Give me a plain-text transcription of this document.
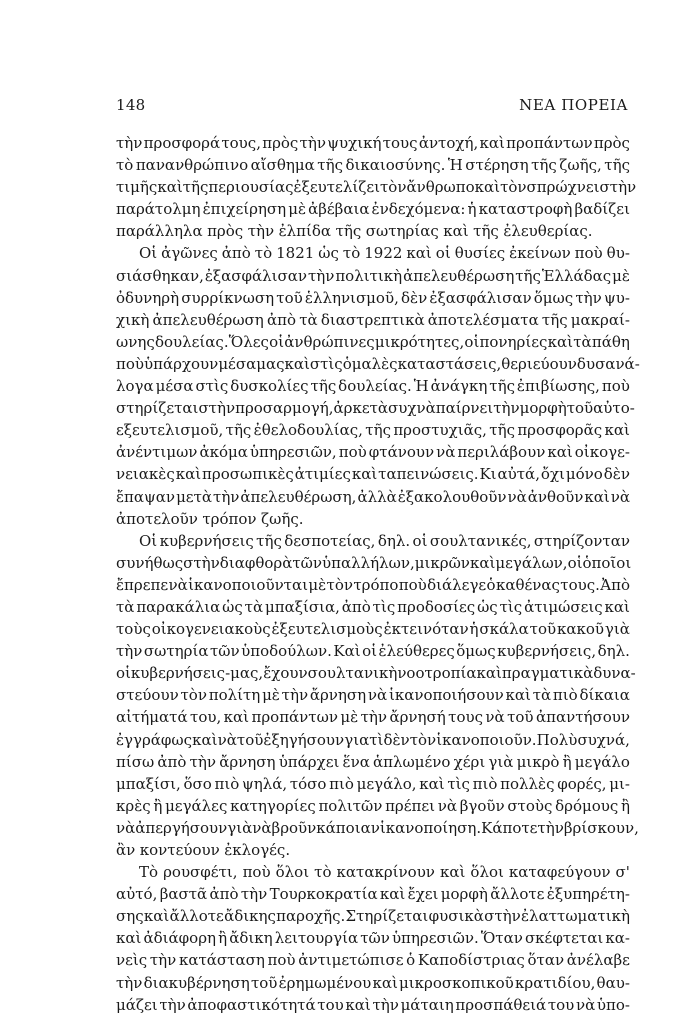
148	ΝΕΑ ΠΟΡΕΙΑ
τὴν προσφορά τους, πρὸς τὴν ψυχική τους ἀντοχή, καὶ προπάντων πρὸς
τὸ πανανθρώπινο αἴσθημα τῆς δικαιοσύνης. Ἡ στέρηση τῆς ζωῆς, τῆς
τιμῆς καὶ τῆς περιουσίας ἐξευτελίζει τὸν ἄνθρωπο καὶ τὸν σπρώχνει στὴν
παράτολμη ἐπιχείρηση μὲ ἀβέβαια ἐνδεχόμενα: ἡ καταστροφὴ βαδίζει
παράλληλα πρὸς τὴν ἐλπίδα τῆς σωτηρίας καὶ τῆς ἐλευθερίας.
Οἱ ἀγῶνες ἀπὸ τὸ 1821 ὡς τὸ 1922 καὶ οἱ θυσίες ἐκείνων ποὺ θυ-
σιάσθηκαν, ἐξασφάλισαν τὴν πολιτικὴ ἀπελευθέρωση τῆς Ἑλλάδας μὲ
ὀδυνηρὴ συρρίκνωση τοῦ ἑλληνισμοῦ, δὲν ἐξασφάλισαν ὅμως τὴν ψυ-
χικὴ ἀπελευθέρωση ἀπὸ τὰ διαστρεπτικὰ ἀποτελέσματα τῆς μακραί-
ωνης δουλείας. Ὅλες οἱ ἀνθρώπινες μικρότητες, οἱ πονηρίες καὶ τὰ πάθη
ποὺ ὑπάρχουν μέσα μας καὶ στὶς ὁμαλὲς καταστάσεις, θεριεύουν δυσανά-
λογα μέσα στὶς δυσκολίες τῆς δουλείας. Ἡ ἀνάγκη τῆς ἐπιβίωσης, ποὺ
στηρίζεται στὴν προσαρμογή, ἀρκετὰ συχνὰ παίρνει τὴν μορφὴ τοῦ αὐτο-
εξευτελισμοῦ, τῆς ἐθελοδουλίας, τῆς προστυχιᾶς, τῆς προσφορᾶς καὶ
ἀνέντιμων ἀκόμα ὑπηρεσιῶν, ποὺ φτάνουν νὰ περιλάβουν καὶ οἰκογε-
νειακὲς καὶ προσωπικὲς ἀτιμίες καὶ ταπεινώσεις. Κι αὐτά, ὄχι μόνο δὲν
ἔπαψαν μετὰ τὴν ἀπελευθέρωση, ἀλλὰ ἐξακολουθοῦν νὰ ἀνθοῦν καὶ νὰ
ἀποτελοῦν τρόπον ζωῆς.
Οἱ κυβερνήσεις τῆς δεσποτείας, δηλ. οἱ σουλτανικές, στηρίζονταν
συνήθως στὴν διαφθορὰ τῶν ὑπαλλήλων, μικρῶν καὶ μεγάλων, οἱ ὁποῖοι
ἔπρεπε νὰ ἱκανοποιοῦνται μὲ τὸν τρόπο ποὺ διάλεγε ὁ καθένας τους. Ἀπὸ
τὰ παρακάλια ὡς τὰ μπαξίσια, ἀπὸ τὶς προδοσίες ὡς τὶς ἀτιμώσεις καὶ
τοὺς οἰκογενειακοὺς ἐξευτελισμοὺς ἐκτεινόταν ἡ σκάλα τοῦ κακοῦ γιὰ
τὴν σωτηρία τῶν ὑποδούλων. Καὶ οἱ ἐλεύθερες ὅμως κυβερνήσεις, δηλ.
οἱ κυβερνήσεις - μας, ἔχουν σουλτανικὴ νοοτροπία καὶ πραγματικὰ δυνα-
στεύουν τὸν πολίτη μὲ τὴν ἄρνηση νὰ ἱκανοποιήσουν καὶ τὰ πιὸ δίκαια
αἰτήματά του, καὶ προπάντων μὲ τὴν ἄρνησή τους νὰ τοῦ ἀπαντήσουν
ἐγγράφως καὶ νὰ τοῦ ἐξηγήσουν γιατὶ δὲν τὸν ἱκανοποιοῦν. Πολὺ συχνά,
πίσω ἀπὸ τὴν ἄρνηση ὑπάρχει ἕνα ἁπλωμένο χέρι γιὰ μικρὸ ἢ μεγάλο
μπαξίσι, ὅσο πιὸ ψηλά, τόσο πιὸ μεγάλο, καὶ τὶς πιὸ πολλὲς φορές, μι-
κρὲς ἢ μεγάλες κατηγορίες πολιτῶν πρέπει νὰ βγοῦν στοὺς δρόμους ἢ
νὰ ἀπεργήσουν γιὰ νὰ βροῦν κάποιαν ἱκανοποίηση. Κάποτε τὴν βρίσκουν,
ἂν κοντεύουν ἐκλογές.
Τὸ ρουσφέτι, ποὺ ὅλοι τὸ κατακρίνουν καὶ ὅλοι καταφεύγουν σ'
αὐτό, βαστᾶ ἀπὸ τὴν Τουρκοκρατία καὶ ἔχει μορφὴ ἄλλοτε ἐξυπηρέτη-
σης καὶ ἄλλοτε ἄδικης παροχῆς. Στηρίζεται φυσικὰ στὴν ἐλαττωματικὴ
καὶ ἀδιάφορη ἢ ἄδικη λειτουργία τῶν ὑπηρεσιῶν. Ὅταν σκέφτεται κα-
νεὶς τὴν κατάσταση ποὺ ἀντιμετώπισε ὁ Καποδίστριας ὅταν ἀνέλαβε
τὴν διακυβέρνηση τοῦ ἐρημωμένου καὶ μικροσκοπικοῦ κρατιδίου, θαυ-
μάζει τὴν ἀποφαστικότητά του καὶ τὴν μάταιη προσπάθειά του νὰ ὑπο-
